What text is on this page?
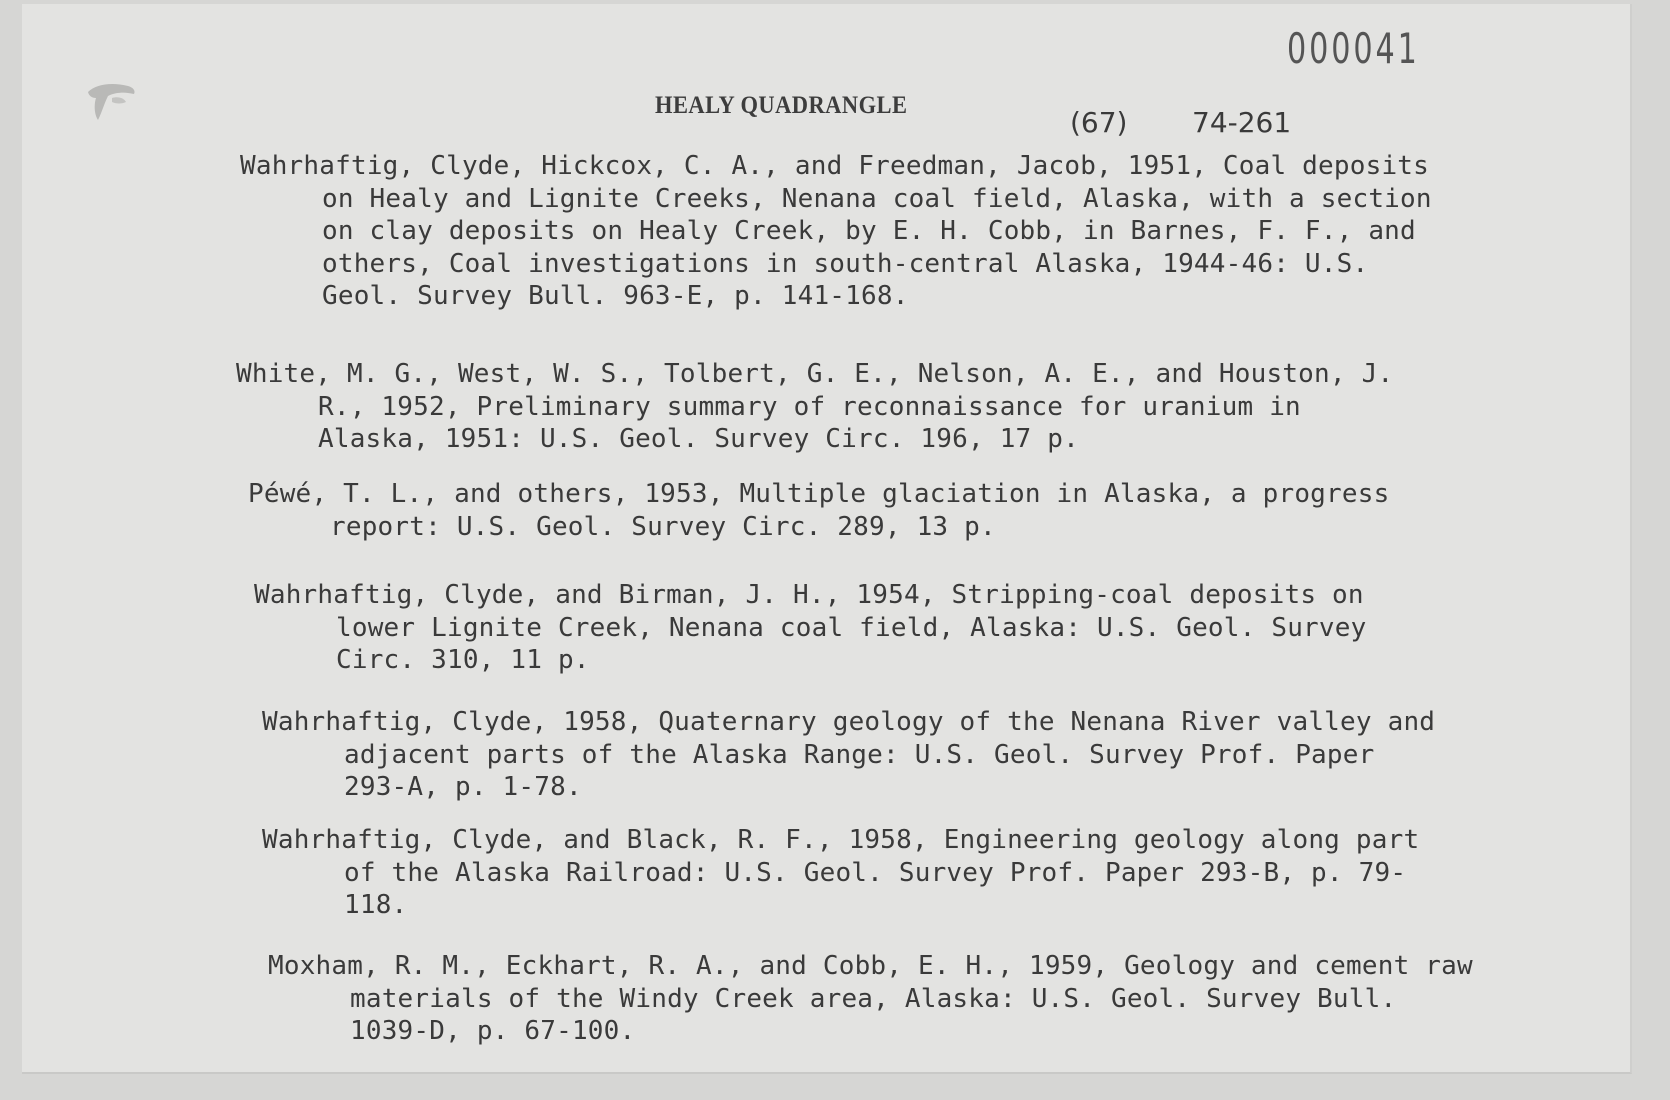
000041
HEALY QUADRANGLE
(67) 74-261

Wahrhaftig, Clyde, Hickcox, C. A., and Freedman, Jacob, 1951, Coal deposits on Healy and Lignite Creeks, Nenana coal field, Alaska, with a section on clay deposits on Healy Creek, by E. H. Cobb, in Barnes, F. F., and others, Coal investigations in south-central Alaska, 1944-46: U.S. Geol. Survey Bull. 963-E, p. 141-168.

White, M. G., West, W. S., Tolbert, G. E., Nelson, A. E., and Houston, J. R., 1952, Preliminary summary of reconnaissance for uranium in Alaska, 1951: U.S. Geol. Survey Circ. 196, 17 p.

Péwé, T. L., and others, 1953, Multiple glaciation in Alaska, a progress report: U.S. Geol. Survey Circ. 289, 13 p.

Wahrhaftig, Clyde, and Birman, J. H., 1954, Stripping-coal deposits on lower Lignite Creek, Nenana coal field, Alaska: U.S. Geol. Survey Circ. 310, 11 p.

Wahrhaftig, Clyde, 1958, Quaternary geology of the Nenana River valley and adjacent parts of the Alaska Range: U.S. Geol. Survey Prof. Paper 293-A, p. 1-78.

Wahrhaftig, Clyde, and Black, R. F., 1958, Engineering geology along part of the Alaska Railroad: U.S. Geol. Survey Prof. Paper 293-B, p. 79-118.

Moxham, R. M., Eckhart, R. A., and Cobb, E. H., 1959, Geology and cement raw materials of the Windy Creek area, Alaska: U.S. Geol. Survey Bull. 1039-D, p. 67-100.
